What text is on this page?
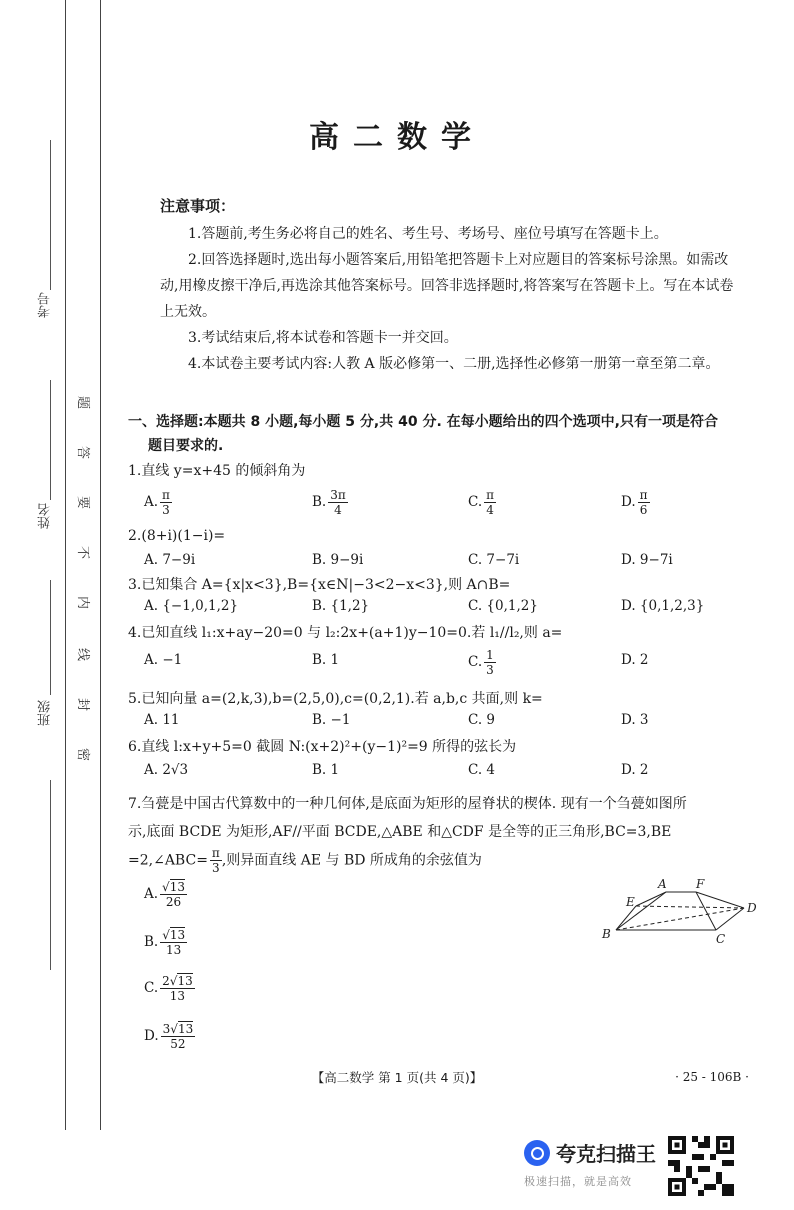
考号
姓名
班级
题
答
要
不
内
线
封
密
高二数学
注意事项：

1.答题前,考生务必将自己的姓名、考生号、考场号、座位号填写在答题卡上。

2.回答选择题时,选出每小题答案后,用铅笔把答题卡上对应题目的答案标号涂黑。如需改动,用橡皮擦干净后,再选涂其他答案标号。回答非选择题时,将答案写在答题卡上。写在本试卷上无效。

3.考试结束后,将本试卷和答题卡一并交回。

4.本试卷主要考试内容:人教 A 版必修第一、二册,选择性必修第一册第一章至第二章。

一、选择题:本题共 8 小题,每小题 5 分,共 40 分. 在每小题给出的四个选项中,只有一项是符合
题目要求的.
1.直线 y=x+45 的倾斜角为
A. $\frac{\pi}{3}$	B. $\frac{3\pi}{4}$	C. $\frac{\pi}{4}$	D. $\frac{\pi}{6}$
2.(8+i)(1−i)=
A. 7−9i	B. 9−9i	C. 7−7i	D. 9−7i
3.已知集合 A={x|x<3},B={x∈N|−3<2−x<3},则 A∩B=
A. {−1,0,1,2}	B. {1,2}	C. {0,1,2}	D. {0,1,2,3}
4.已知直线 l₁:x+ay−20=0 与 l₂:2x+(a+1)y−10=0.若 l₁//l₂,则 a=
A. −1	B. 1	C. $\frac{1}{3}$	D. 2
5.已知向量 a=(2,k,3),b=(2,5,0),c=(0,2,1).若 a,b,c 共面,则 k=
A. 11	B. −1	C. 9	D. 3
6.直线 l:x+y+5=0 截圆 N:(x+2)²+(y−1)²=9 所得的弦长为
A. 2√3	B. 1	C. 4	D. 2
7.刍甍是中国古代算数中的一种几何体,是底面为矩形的屋脊状的楔体. 现有一个刍甍如图所
示,底面 BCDE 为矩形,AF//平面 BCDE,△ABE 和△CDF 是全等的正三角形,BC=3,BE
=2,∠ABC= $\frac{\pi}{3}$ ,则异面直线 AE 与 BD 所成角的余弦值为
A. $\frac{√13}{26}$
B. $\frac{√13}{13}$
C. $\frac{2√13}{13}$
D. $\frac{3√13}{52}$
A F
E	D
B	C
【高二数学 第 1 页(共 4 页)】	· 25 - 106B ·
夸克扫描王
极速扫描，就是高效
